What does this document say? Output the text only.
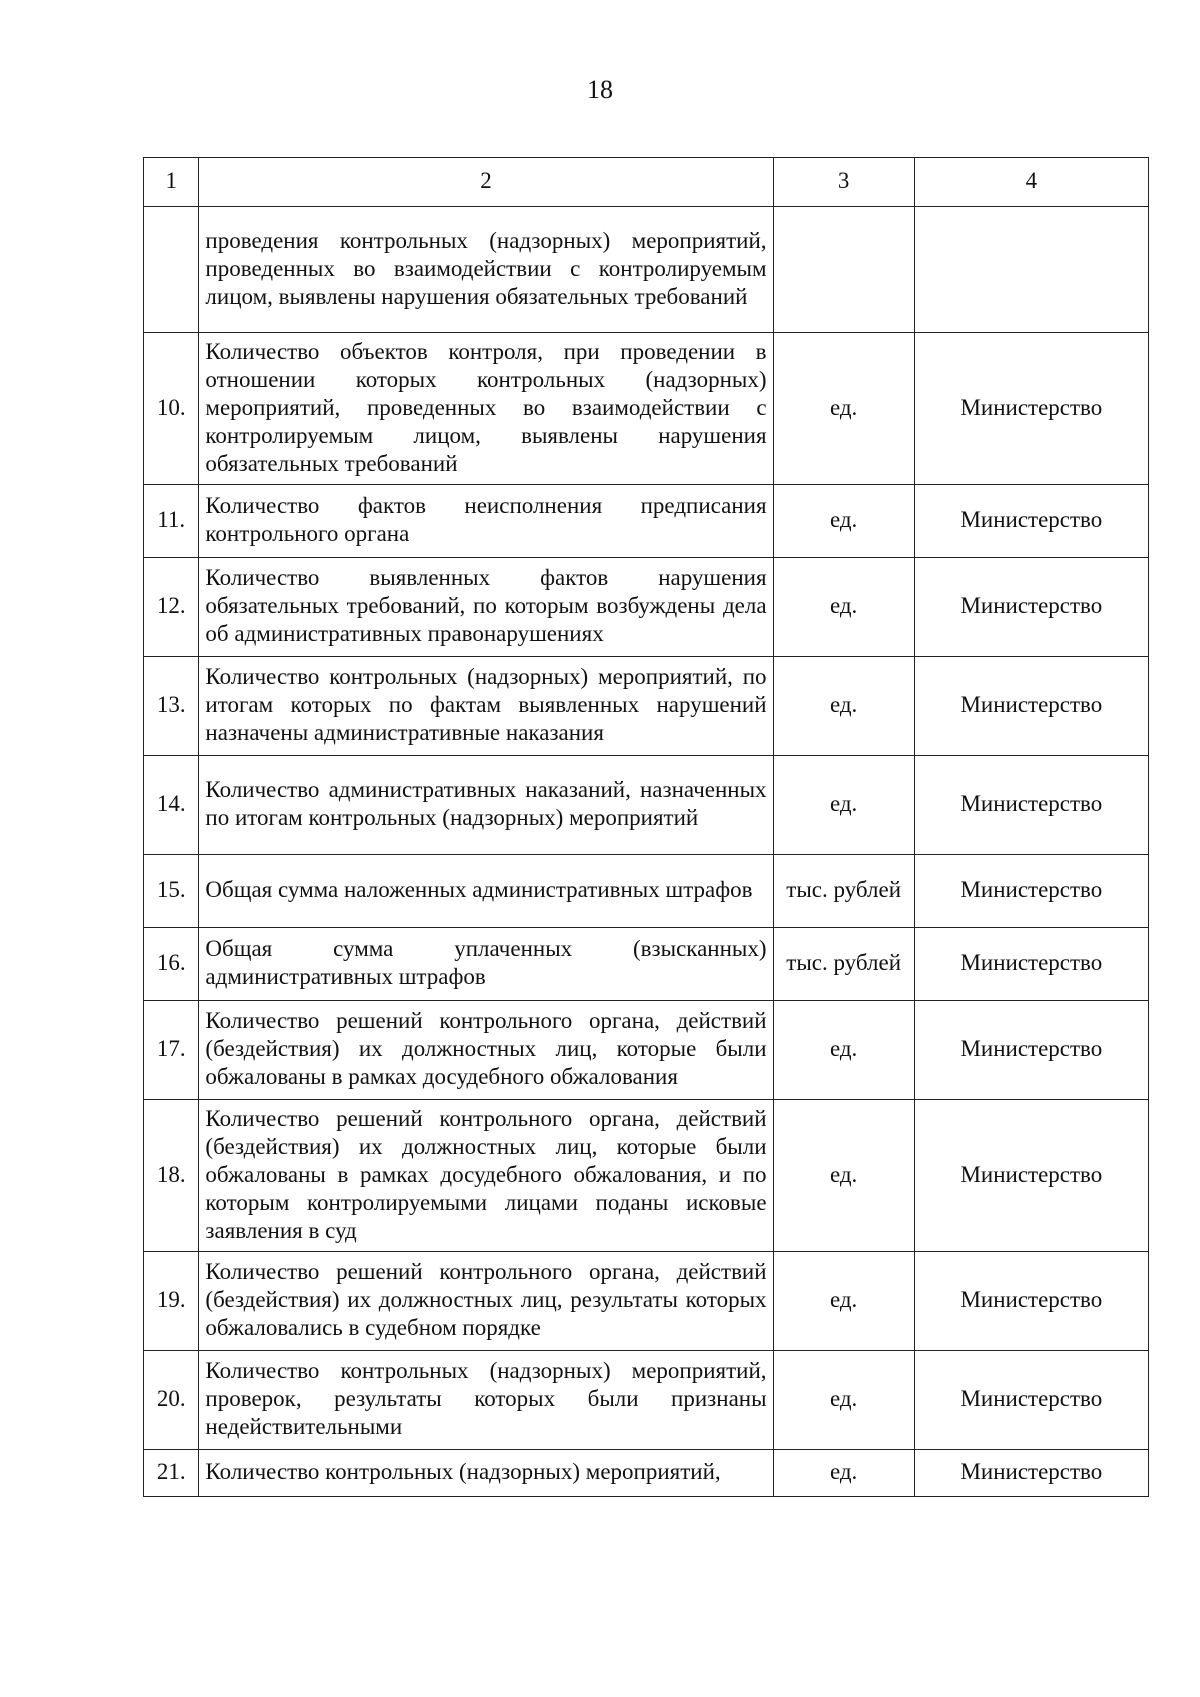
18
1	2	3	4
	проведения контрольных (надзорных) мероприятий, проведенных во взаимодействии с контролируемым лицом, выявлены нарушения обязательных требований		
10.	Количество объектов контроля, при проведении в отношении которых контрольных (надзорных) мероприятий, проведенных во взаимодействии с контролируемым лицом, выявлены нарушения обязательных требований	ед.	Министерство
11.	Количество фактов неисполнения предписания контрольного органа	ед.	Министерство
12.	Количество выявленных фактов нарушения обязательных требований, по которым возбуждены дела об административных правонарушениях	ед.	Министерство
13.	Количество контрольных (надзорных) мероприятий, по итогам которых по фактам выявленных нарушений назначены административные наказания	ед.	Министерство
14.	Количество административных наказаний, назначенных по итогам контрольных (надзорных) мероприятий	ед.	Министерство
15.	Общая сумма наложенных административных штрафов	тыс. рублей	Министерство
16.	Общая сумма уплаченных (взысканных) административных штрафов	тыс. рублей	Министерство
17.	Количество решений контрольного органа, действий (бездействия) их должностных лиц, которые были обжалованы в рамках досудебного обжалования	ед.	Министерство
18.	Количество решений контрольного органа, действий (бездействия) их должностных лиц, которые были обжалованы в рамках досудебного обжалования, и по которым контролируемыми лицами поданы исковые заявления в суд	ед.	Министерство
19.	Количество решений контрольного органа, действий (бездействия) их должностных лиц, результаты которых обжаловались в судебном порядке	ед.	Министерство
20.	Количество контрольных (надзорных) мероприятий, проверок, результаты которых были признаны недействительными	ед.	Министерство
21.	Количество контрольных (надзорных) мероприятий,	ед.	Министерство
